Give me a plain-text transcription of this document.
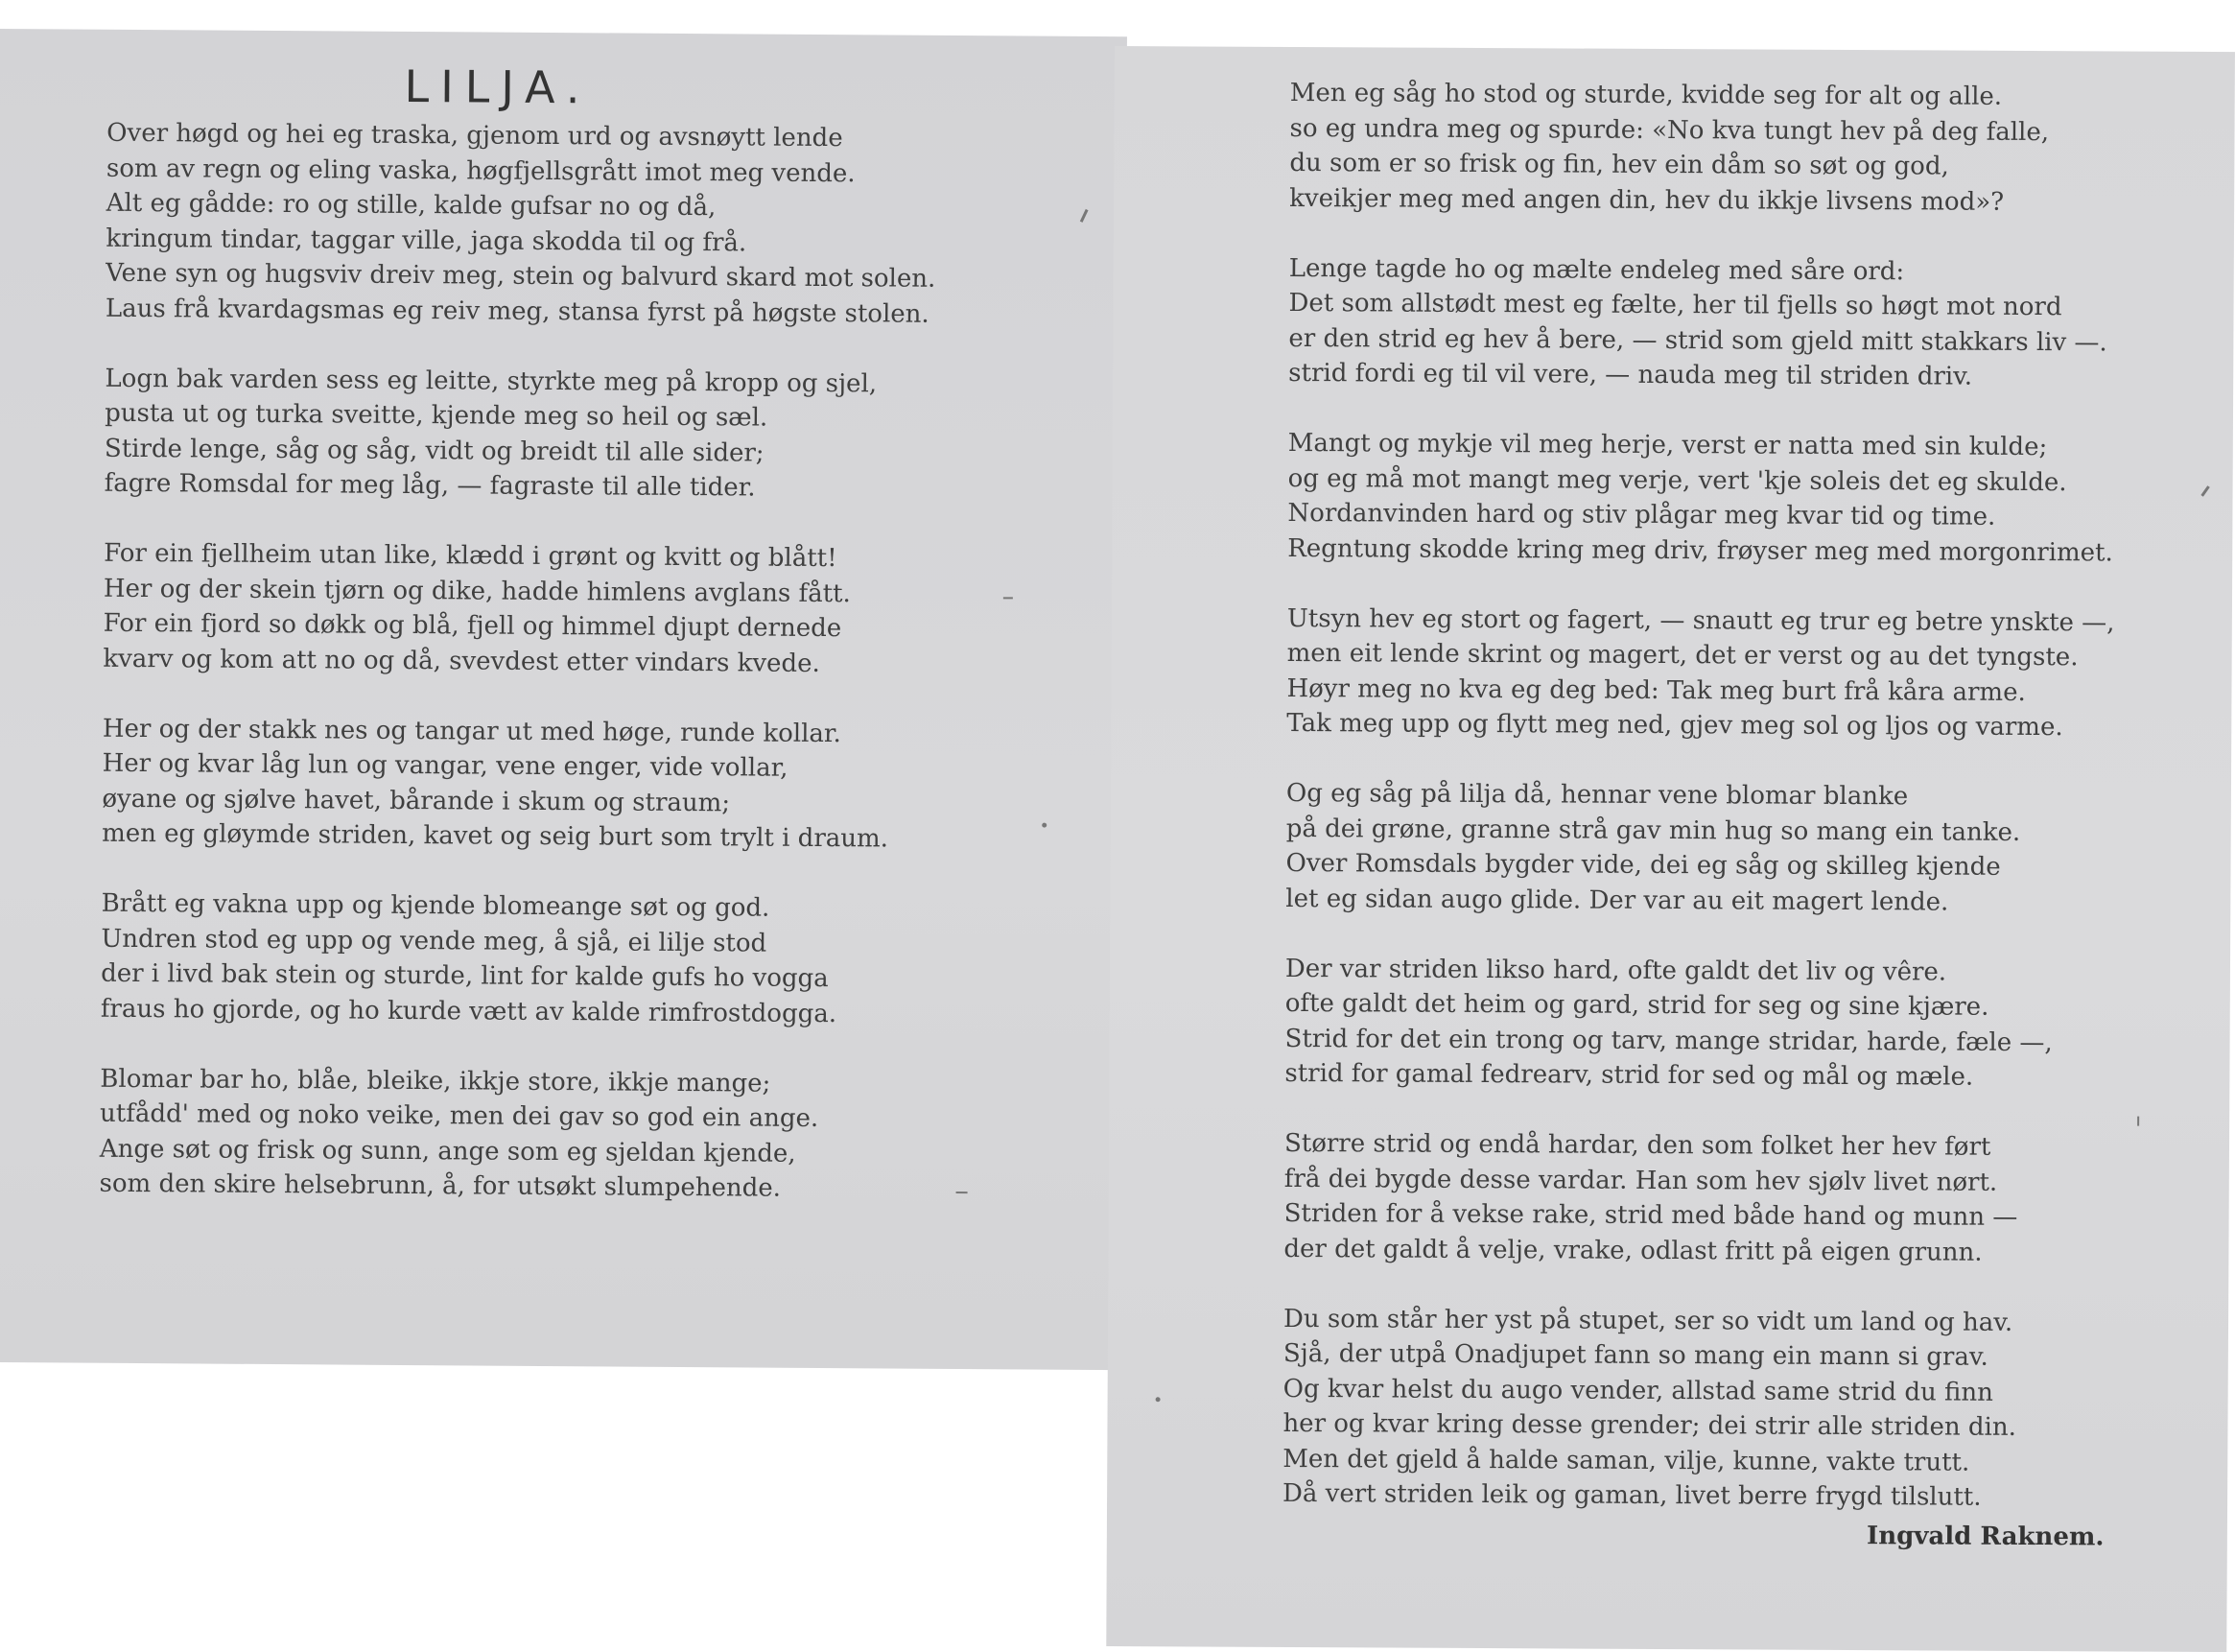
LILJA.

Over høgd og hei eg traska, gjenom urd og avsnøytt lende
som av regn og eling vaska, høgfjellsgrått imot meg vende.
Alt eg gådde: ro og stille, kalde gufsar no og då,
kringum tindar, taggar ville, jaga skodda til og frå.
Vene syn og hugsviv dreiv meg, stein og balvurd skard mot solen.
Laus frå kvardagsmas eg reiv meg, stansa fyrst på høgste stolen.

Logn bak varden sess eg leitte, styrkte meg på kropp og sjel,
pusta ut og turka sveitte, kjende meg so heil og sæl.
Stirde lenge, såg og såg, vidt og breidt til alle sider;
fagre Romsdal for meg låg, — fagraste til alle tider.

For ein fjellheim utan like, klædd i grønt og kvitt og blått!
Her og der skein tjørn og dike, hadde himlens avglans fått.
For ein fjord so døkk og blå, fjell og himmel djupt dernede
kvarv og kom att no og då, svevdest etter vindars kvede.

Her og der stakk nes og tangar ut med høge, runde kollar.
Her og kvar låg lun og vangar, vene enger, vide vollar,
øyane og sjølve havet, bårande i skum og straum;
men eg gløymde striden, kavet og seig burt som trylt i draum.

Brått eg vakna upp og kjende blomeange søt og god.
Undren stod eg upp og vende meg, å sjå, ei lilje stod
der i livd bak stein og sturde, lint for kalde gufs ho vogga
fraus ho gjorde, og ho kurde vætt av kalde rimfrostdogga.

Blomar bar ho, blåe, bleike, ikkje store, ikkje mange;
utfådd' med og noko veike, men dei gav so god ein ange.
Ange søt og frisk og sunn, ange som eg sjeldan kjende,
som den skire helsebrunn, å, for utsøkt slumpehende.

Men eg såg ho stod og sturde, kvidde seg for alt og alle.
so eg undra meg og spurde: «No kva tungt hev på deg falle,
du som er so frisk og fin, hev ein dåm so søt og god,
kveikjer meg med angen din, hev du ikkje livsens mod»?

Lenge tagde ho og mælte endeleg med såre ord:
Det som allstødt mest eg fælte, her til fjells so høgt mot nord
er den strid eg hev å bere, — strid som gjeld mitt stakkars liv —.
strid fordi eg til vil vere, — nauda meg til striden driv.

Mangt og mykje vil meg herje, verst er natta med sin kulde;
og eg må mot mangt meg verje, vert 'kje soleis det eg skulde.
Nordanvinden hard og stiv plågar meg kvar tid og time.
Regntung skodde kring meg driv, frøyser meg med morgonrimet.

Utsyn hev eg stort og fagert, — snautt eg trur eg betre ynskte —,
men eit lende skrint og magert, det er verst og au det tyngste.
Høyr meg no kva eg deg bed: Tak meg burt frå kåra arme.
Tak meg upp og flytt meg ned, gjev meg sol og ljos og varme.

Og eg såg på lilja då, hennar vene blomar blanke
på dei grøne, granne strå gav min hug so mang ein tanke.
Over Romsdals bygder vide, dei eg såg og skilleg kjende
let eg sidan augo glide. Der var au eit magert lende.

Der var striden likso hard, ofte galdt det liv og vêre.
ofte galdt det heim og gard, strid for seg og sine kjære.
Strid for det ein trong og tarv, mange stridar, harde, fæle —,
strid for gamal fedrearv, strid for sed og mål og mæle.

Større strid og endå hardar, den som folket her hev ført
frå dei bygde desse vardar. Han som hev sjølv livet nørt.
Striden for å vekse rake, strid med både hand og munn —
der det galdt å velje, vrake, odlast fritt på eigen grunn.

Du som står her yst på stupet, ser so vidt um land og hav.
Sjå, der utpå Onadjupet fann so mang ein mann si grav.
Og kvar helst du augo vender, allstad same strid du finn
her og kvar kring desse grender; dei strir alle striden din.
Men det gjeld å halde saman, vilje, kunne, vakte trutt.
Då vert striden leik og gaman, livet berre frygd tilslutt.
Ingvald Raknem.
